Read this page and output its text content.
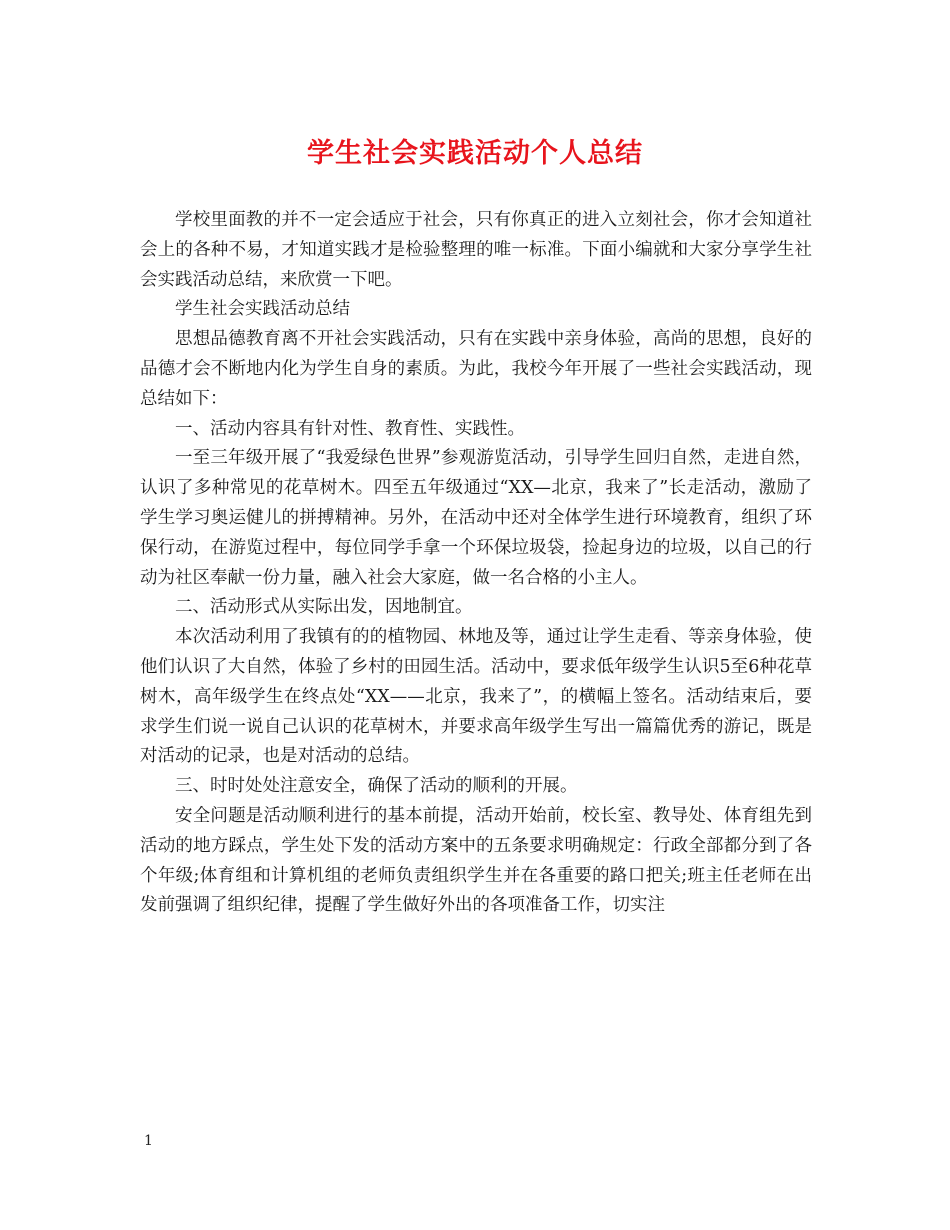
学生社会实践活动个人总结

学校里面教的并不一定会适应于社会，只有你真正的进入立刻社会，你才会知道社会上的各种不易，才知道实践才是检验整理的唯一标准。下面小编就和大家分享学生社会实践活动总结，来欣赏一下吧。

学生社会实践活动总结

思想品德教育离不开社会实践活动，只有在实践中亲身体验，高尚的思想，良好的品德才会不断地内化为学生自身的素质。为此，我校今年开展了一些社会实践活动，现总结如下：

一、活动内容具有针对性、教育性、实践性。

一至三年级开展了“我爱绿色世界”参观游览活动，引导学生回归自然，走进自然，认识了多种常见的花草树木。四至五年级通过“XX—北京，我来了”长走活动，激励了学生学习奥运健儿的拼搏精神。另外，在活动中还对全体学生进行环境教育，组织了环保行动，在游览过程中，每位同学手拿一个环保垃圾袋，捡起身边的垃圾，以自己的行动为社区奉献一份力量，融入社会大家庭，做一名合格的小主人。

二、活动形式从实际出发，因地制宜。

本次活动利用了我镇有的的植物园、林地及等，通过让学生走看、等亲身体验，使他们认识了大自然，体验了乡村的田园生活。活动中，要求低年级学生认识5至6种花草树木，高年级学生在终点处“XX——北京，我来了”，的横幅上签名。活动结束后，要求学生们说一说自己认识的花草树木，并要求高年级学生写出一篇篇优秀的游记，既是对活动的记录，也是对活动的总结。

三、时时处处注意安全，确保了活动的顺利的开展。

安全问题是活动顺利进行的基本前提，活动开始前，校长室、教导处、体育组先到活动的地方踩点，学生处下发的活动方案中的五条要求明确规定：行政全部都分到了各个年级;体育组和计算机组的老师负责组织学生并在各重要的路口把关;班主任老师在出发前强调了组织纪律，提醒了学生做好外出的各项准备工作，切实注

1
